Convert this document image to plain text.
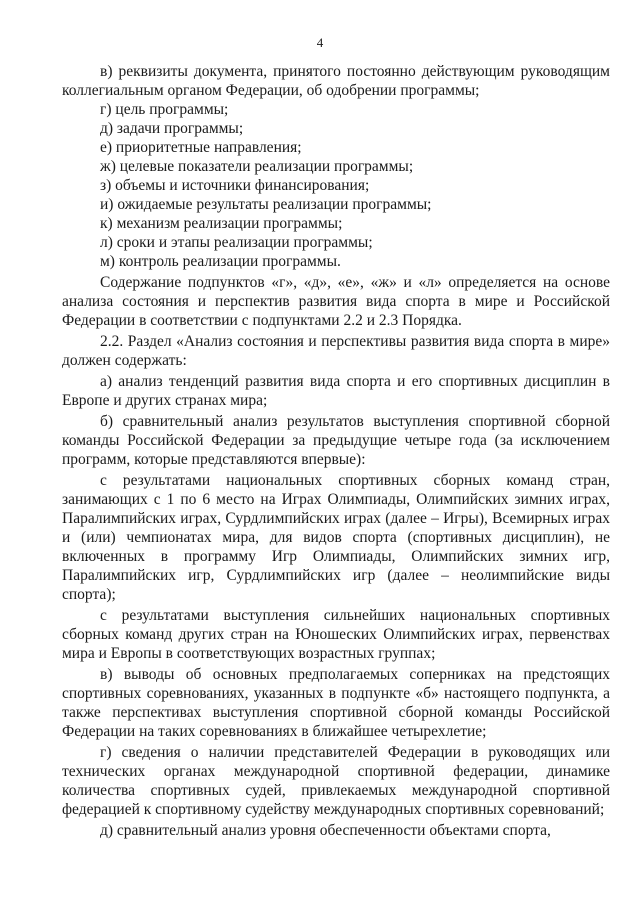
4

в) реквизиты документа, принятого постоянно действующим руководящим коллегиальным органом Федерации, об одобрении программы;

г) цель программы;

д) задачи программы;

е) приоритетные направления;

ж) целевые показатели реализации программы;

з) объемы и источники финансирования;

и) ожидаемые результаты реализации программы;

к) механизм реализации программы;

л) сроки и этапы реализации программы;

м) контроль реализации программы.

Содержание подпунктов «г», «д», «е», «ж» и «л» определяется на основе анализа состояния и перспектив развития вида спорта в мире и Российской Федерации в соответствии с подпунктами 2.2 и 2.3 Порядка.

2.2. Раздел «Анализ состояния и перспективы развития вида спорта в мире» должен содержать:

а) анализ тенденций развития вида спорта и его спортивных дисциплин в Европе и других странах мира;

б) сравнительный анализ результатов выступления спортивной сборной команды Российской Федерации за предыдущие четыре года (за исключением программ, которые представляются впервые):

с результатами национальных спортивных сборных команд стран, занимающих с 1 по 6 место на Играх Олимпиады, Олимпийских зимних играх, Паралимпийских играх, Сурдлимпийских играх (далее – Игры), Всемирных играх и (или) чемпионатах мира, для видов спорта (спортивных дисциплин), не включенных в программу Игр Олимпиады, Олимпийских зимних игр, Паралимпийских игр, Сурдлимпийских игр (далее – неолимпийские виды спорта);

с результатами выступления сильнейших национальных спортивных сборных команд других стран на Юношеских Олимпийских играх, первенствах мира и Европы в соответствующих возрастных группах;

в) выводы об основных предполагаемых соперниках на предстоящих спортивных соревнованиях, указанных в подпункте «б» настоящего подпункта, а также перспективах выступления спортивной сборной команды Российской Федерации на таких соревнованиях в ближайшее четырехлетие;

г) сведения о наличии представителей Федерации в руководящих или технических органах международной спортивной федерации, динамике количества спортивных судей, привлекаемых международной спортивной федерацией к спортивному судейству международных спортивных соревнований;

д) сравнительный анализ уровня обеспеченности объектами спорта,
